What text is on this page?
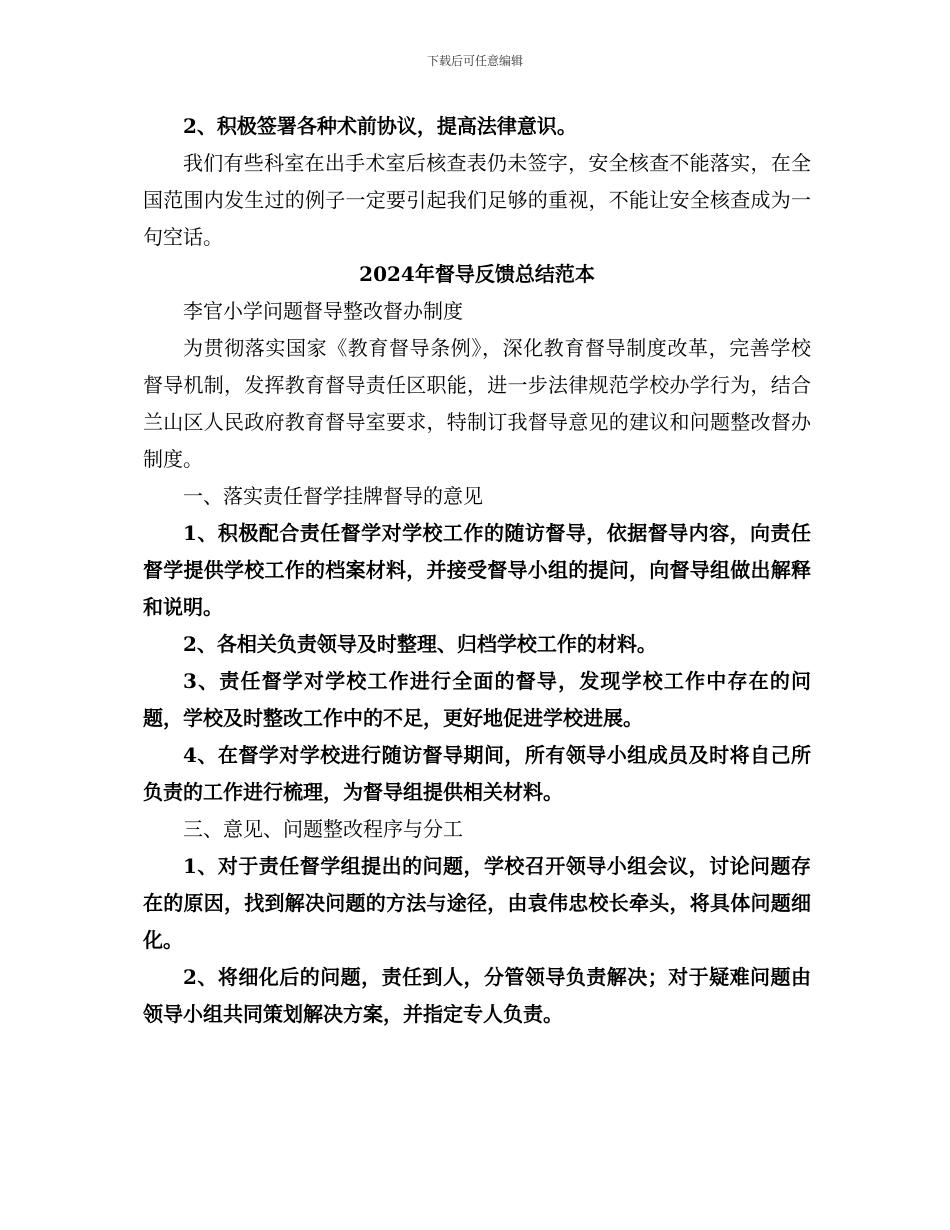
下载后可任意编辑

2、积极签署各种术前协议，提高法律意识。

我们有些科室在出手术室后核查表仍未签字，安全核查不能落实，在全国范围内发生过的例子一定要引起我们足够的重视，不能让安全核查成为一句空话。

2024年督导反馈总结范本

李官小学问题督导整改督办制度

为贯彻落实国家《教育督导条例》，深化教育督导制度改革，完善学校督导机制，发挥教育督导责任区职能，进一步法律规范学校办学行为，结合兰山区人民政府教育督导室要求，特制订我督导意见的建议和问题整改督办制度。

一、落实责任督学挂牌督导的意见

1、积极配合责任督学对学校工作的随访督导，依据督导内容，向责任督学提供学校工作的档案材料，并接受督导小组的提问，向督导组做出解释和说明。

2、各相关负责领导及时整理、归档学校工作的材料。

3、责任督学对学校工作进行全面的督导，发现学校工作中存在的问题，学校及时整改工作中的不足，更好地促进学校进展。

4、在督学对学校进行随访督导期间，所有领导小组成员及时将自己所负责的工作进行梳理，为督导组提供相关材料。

三、意见、问题整改程序与分工

1、对于责任督学组提出的问题，学校召开领导小组会议，讨论问题存在的原因，找到解决问题的方法与途径，由袁伟忠校长牵头，将具体问题细化。

2、将细化后的问题，责任到人，分管领导负责解决；对于疑难问题由领导小组共同策划解决方案，并指定专人负责。
